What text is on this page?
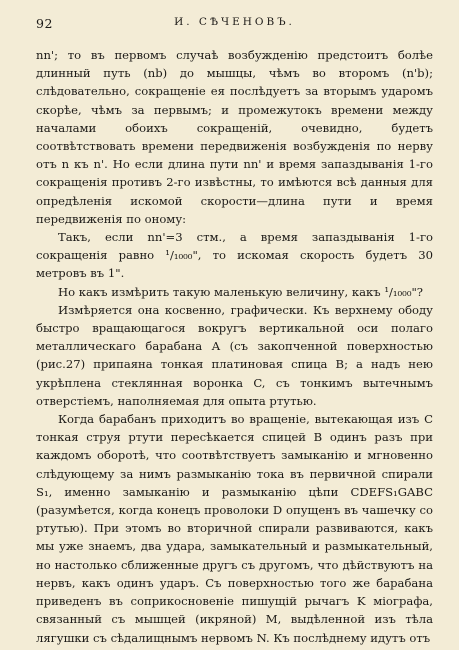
92	И. СѢЧЕНОВЪ.

nn'; то въ первомъ случаѣ возбужденію предстоитъ болѣе длинный путь (nb) до мышцы, чѣмъ во второмъ (n'b); слѣдовательно, сокращеніе ея послѣдуетъ за вторымъ ударомъ скорѣе, чѣмъ за первымъ; и промежутокъ времени между началами обоихъ сокращеній, очевидно, будетъ соотвѣтствовать времени передвиженія возбужденія по нерву отъ n къ n'. Но если длина пути nn' и время запаздыванія 1-го сокращенія противъ 2-го извѣстны, то имѣются всѣ данныя для опредѣленія искомой скорости—длина пути и время передвиженія по оному:

Такъ, если nn'=3 стм., а время запаздыванія 1-го сокращенія равно ¹/₁₀₀₀", то искомая скорость будетъ 30 метровъ въ 1".

Но какъ измѣрить такую маленькую величину, какъ ¹/₁₀₀₀"?

Измѣряется она косвенно, графически. Къ верхнему ободу быстро вращающагося вокругъ вертикальной оси полаго металлическаго барабана A (съ закопченной поверхностью (рис.27) припаяна тонкая платиновая спица B; а надъ нею укрѣплена стеклянная воронка C, съ тонкимъ вытечнымъ отверстіемъ, наполняемая для опыта ртутью.

Когда барабанъ приходитъ во вращеніе, вытекающая изъ C тонкая струя ртути пересѣкается спицей B одинъ разъ при каждомъ оборотѣ, что соотвѣтствуетъ замыканію и мгновенно слѣдующему за нимъ размыканію тока въ первичной спирали S₁, именно замыканію и размыканію цѣпи CDEFS₁GABC (разумѣется, когда конецъ проволоки D опущенъ въ чашечку со ртутью). При этомъ во вторичной спирали развиваются, какъ мы уже знаемъ, два удара, замыкательный и размыкательный, но настолько сближенные другъ съ другомъ, что дѣйствуютъ на нервъ, какъ одинъ ударъ. Съ поверхностью того же барабана приведенъ въ соприкосновеніе пишущій рычагъ K міографа, связанный съ мышцей (икряной) M, выдѣленной изъ тѣла лягушки съ сѣдалищнымъ нервомъ N. Къ послѣднему идутъ отъ
